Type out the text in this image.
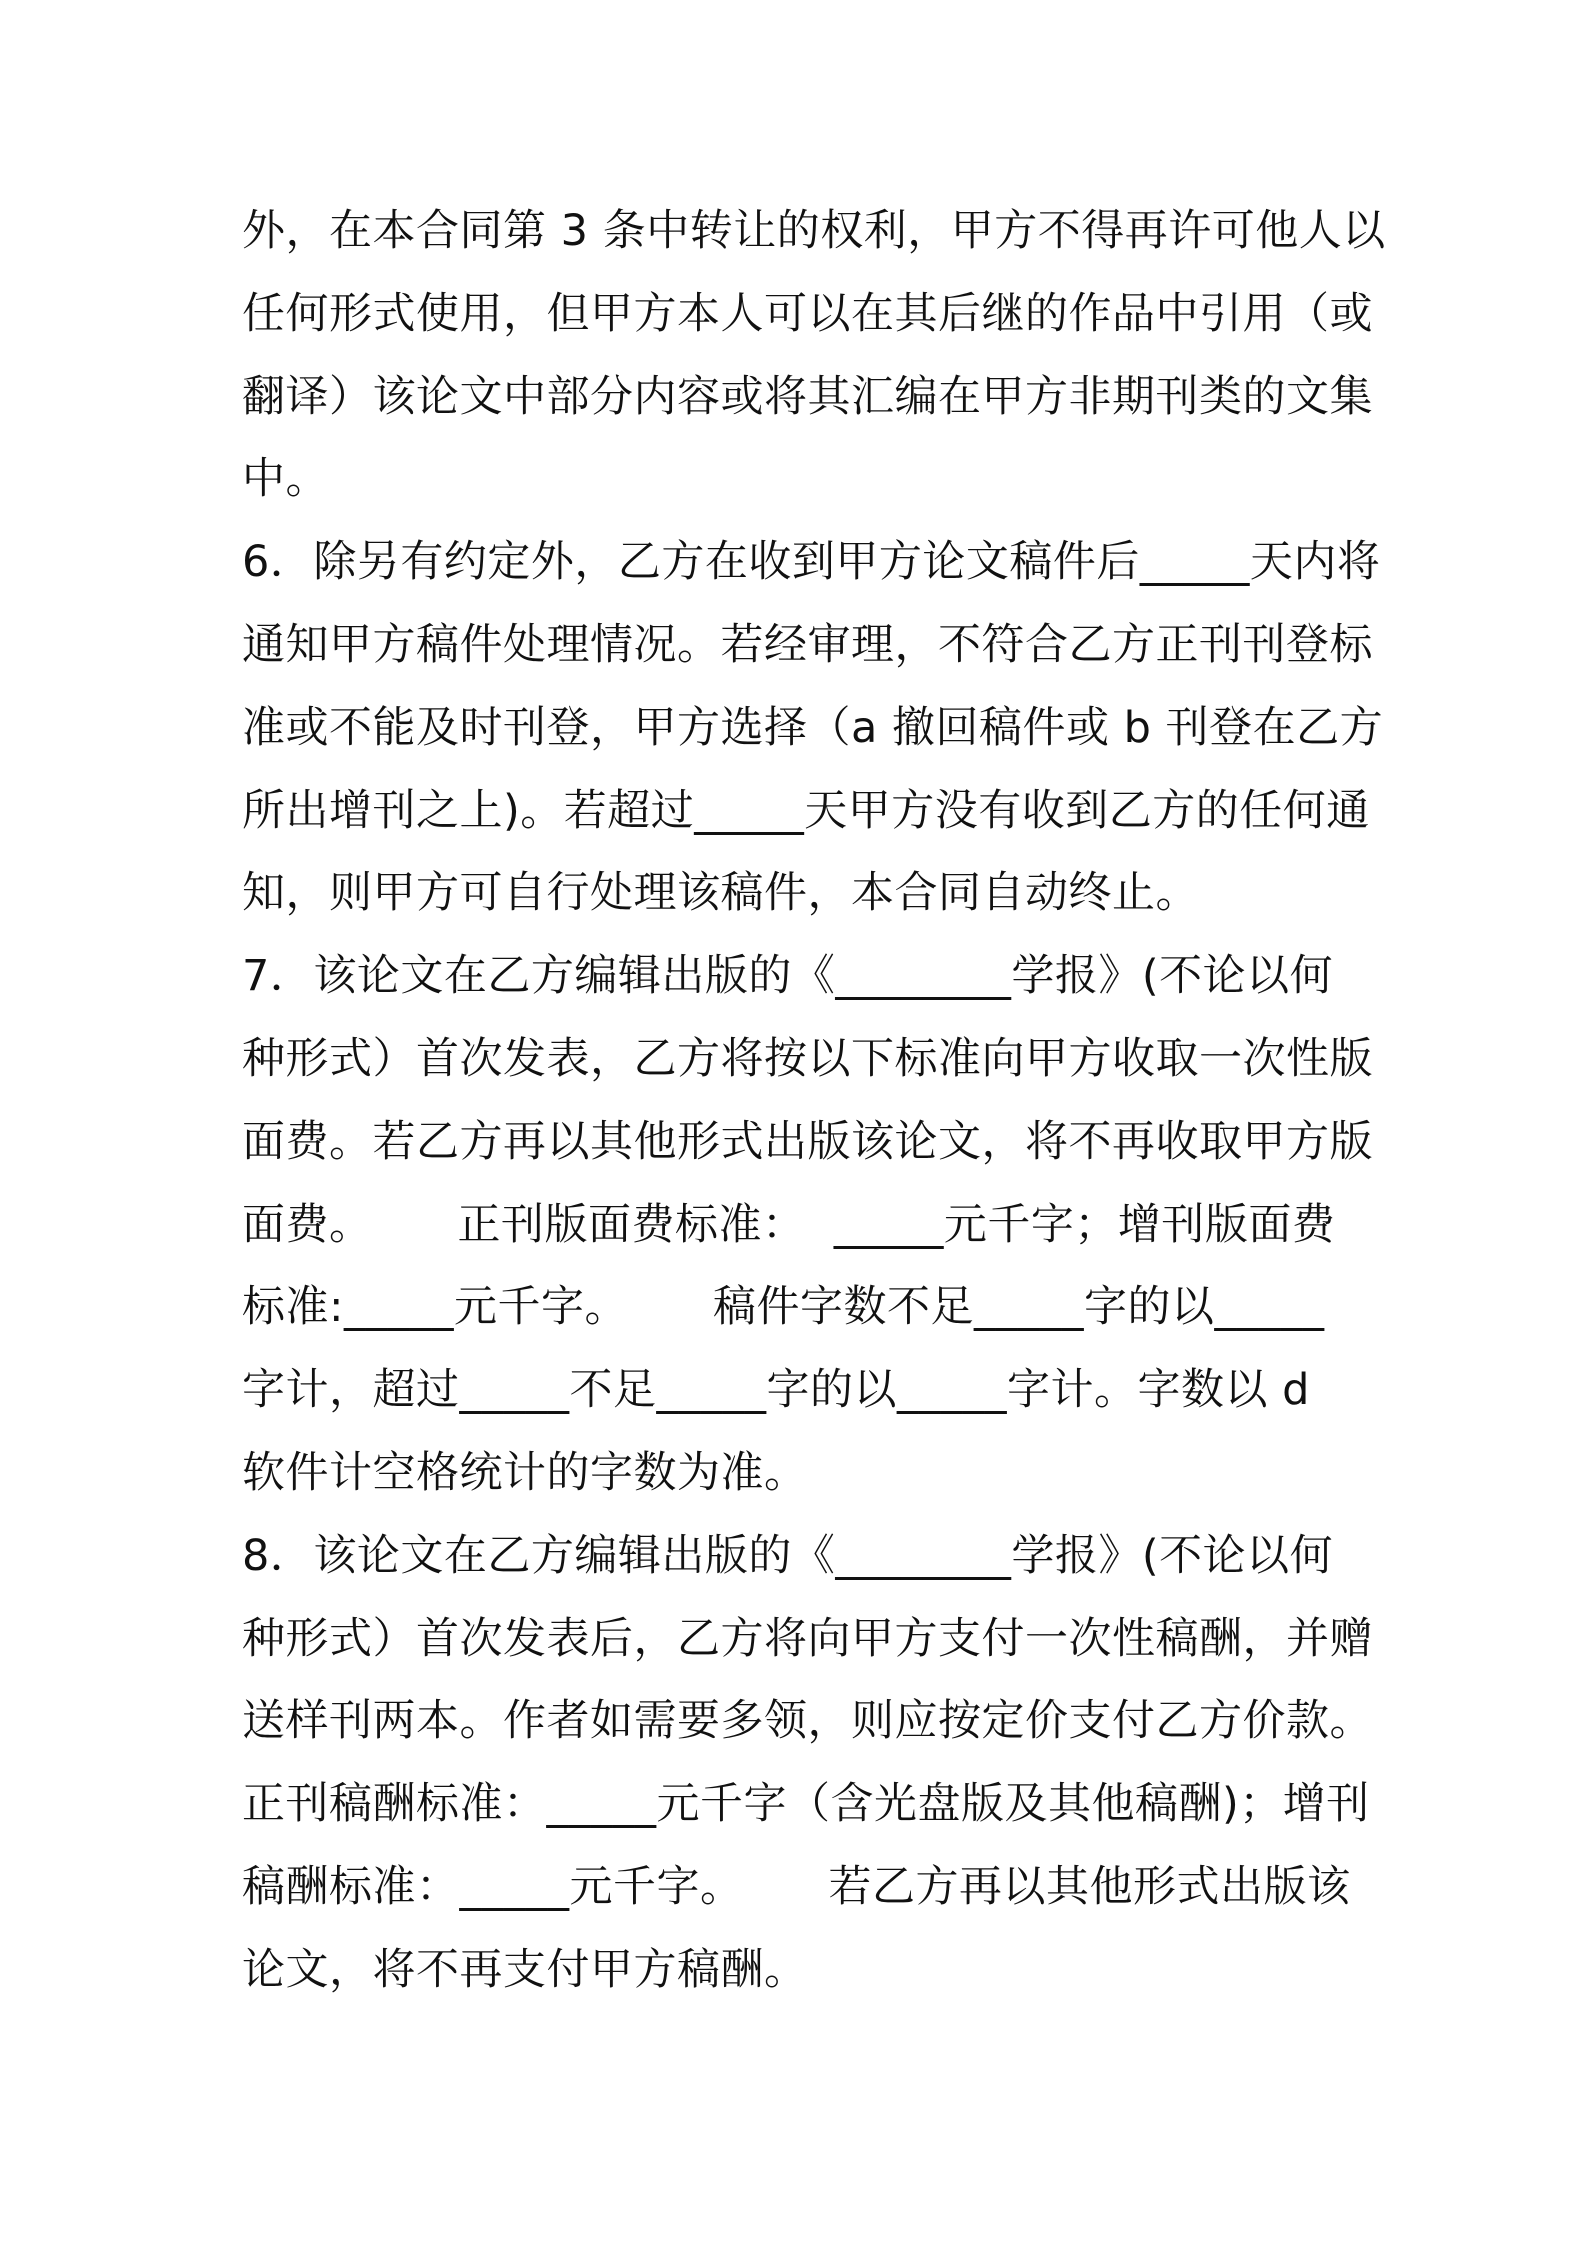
外，在本合同第 3 条中转让的权利，甲方不得再许可他人以
任何形式使用，但甲方本人可以在其后继的作品中引用（或
翻译）该论文中部分内容或将其汇编在甲方非期刊类的文集
中。
6．除另有约定外，乙方在收到甲方论文稿件后_____天内将
通知甲方稿件处理情况。若经审理，不符合乙方正刊刊登标
准或不能及时刊登，甲方选择（a 撤回稿件或 b 刊登在乙方
所出增刊之上)。若超过_____天甲方没有收到乙方的任何通
知，则甲方可自行处理该稿件，本合同自动终止。
7．该论文在乙方编辑出版的《________学报》(不论以何
种形式）首次发表，乙方将按以下标准向甲方收取一次性版
面费。若乙方再以其他形式出版该论文，将不再收取甲方版
面费。      正刊版面费标准：  _____元千字；增刊版面费
标准:_____元千字。      稿件字数不足_____字的以_____
字计，超过_____不足_____字的以_____字计。字数以 d
软件计空格统计的字数为准。
8．该论文在乙方编辑出版的《________学报》(不论以何
种形式）首次发表后，乙方将向甲方支付一次性稿酬，并赠
送样刊两本。作者如需要多领，则应按定价支付乙方价款。
正刊稿酬标准：_____元千字（含光盘版及其他稿酬)；增刊
稿酬标准：_____元千字。      若乙方再以其他形式出版该
论文，将不再支付甲方稿酬。
